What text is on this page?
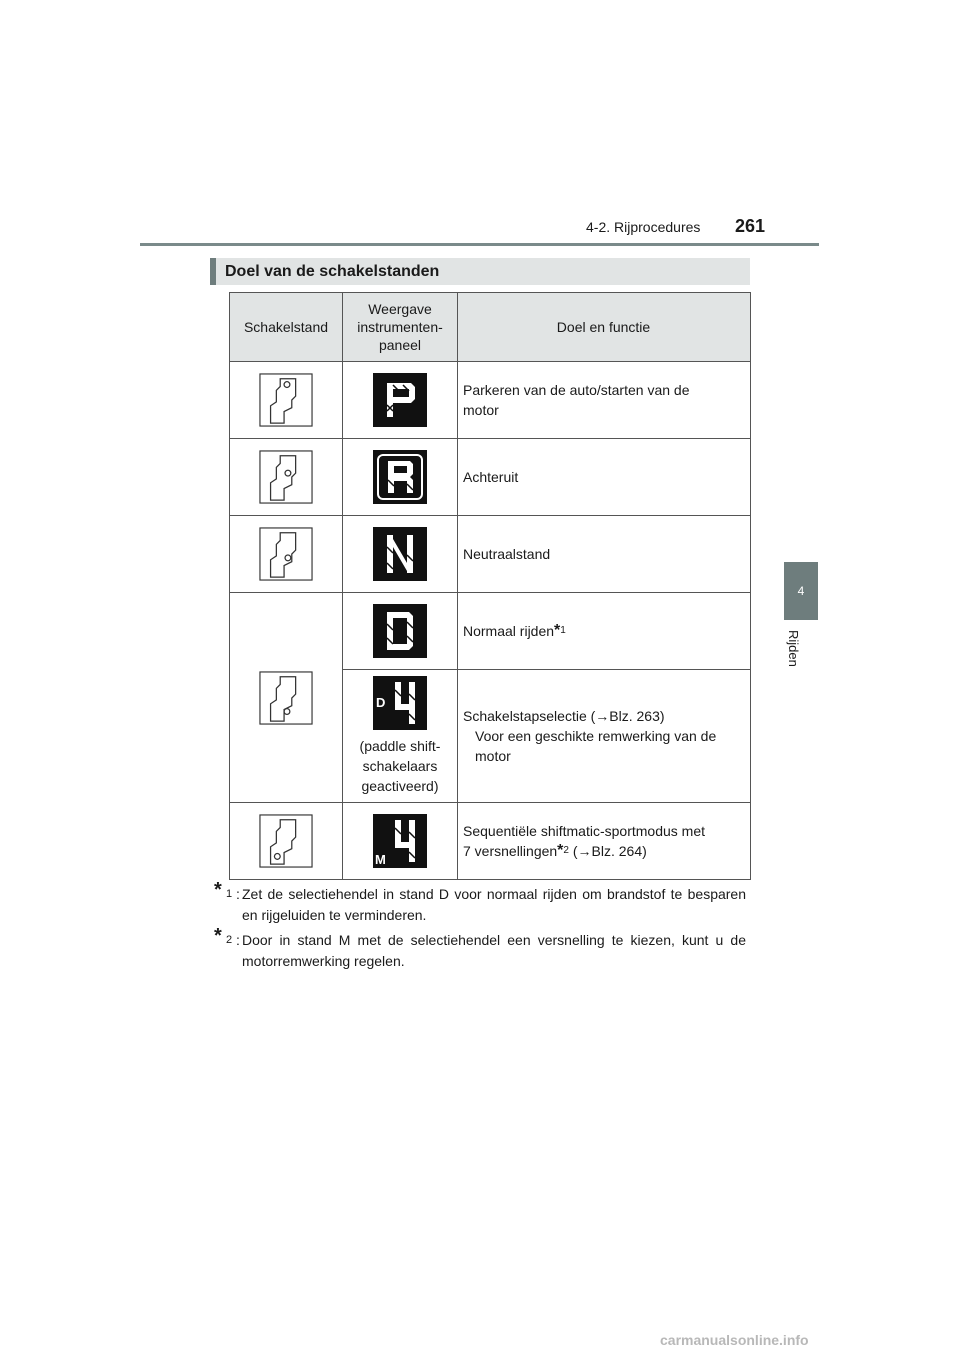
4-2. Rijprocedures 261
4
Rijden
Doel van de schakelstanden
Schakelstand	Weergave
instrumenten-
paneel	Doel en functie

	Parkeren van de auto/starten van de
motor

	Achteruit

	Neutraalstand

	Normaal rijden*$^1$

D
(paddle shift-
schakelaars
geactiveerd)	Schakelstapselectie (→Blz. 263)
Voor een geschikte remwerking van de
motor

M	Sequentiële shiftmatic-sportmodus met
7 versnellingen*$^2$ (→Blz. 264)
* 1 : Zet de selectiehendel in stand D voor normaal rijden om brandstof te besparen en rijgeluiden te verminderen.
* 2 : Door in stand M met de selectiehendel een versnelling te kiezen, kunt u de motorremwerking regelen.
carmanualsonline.info
